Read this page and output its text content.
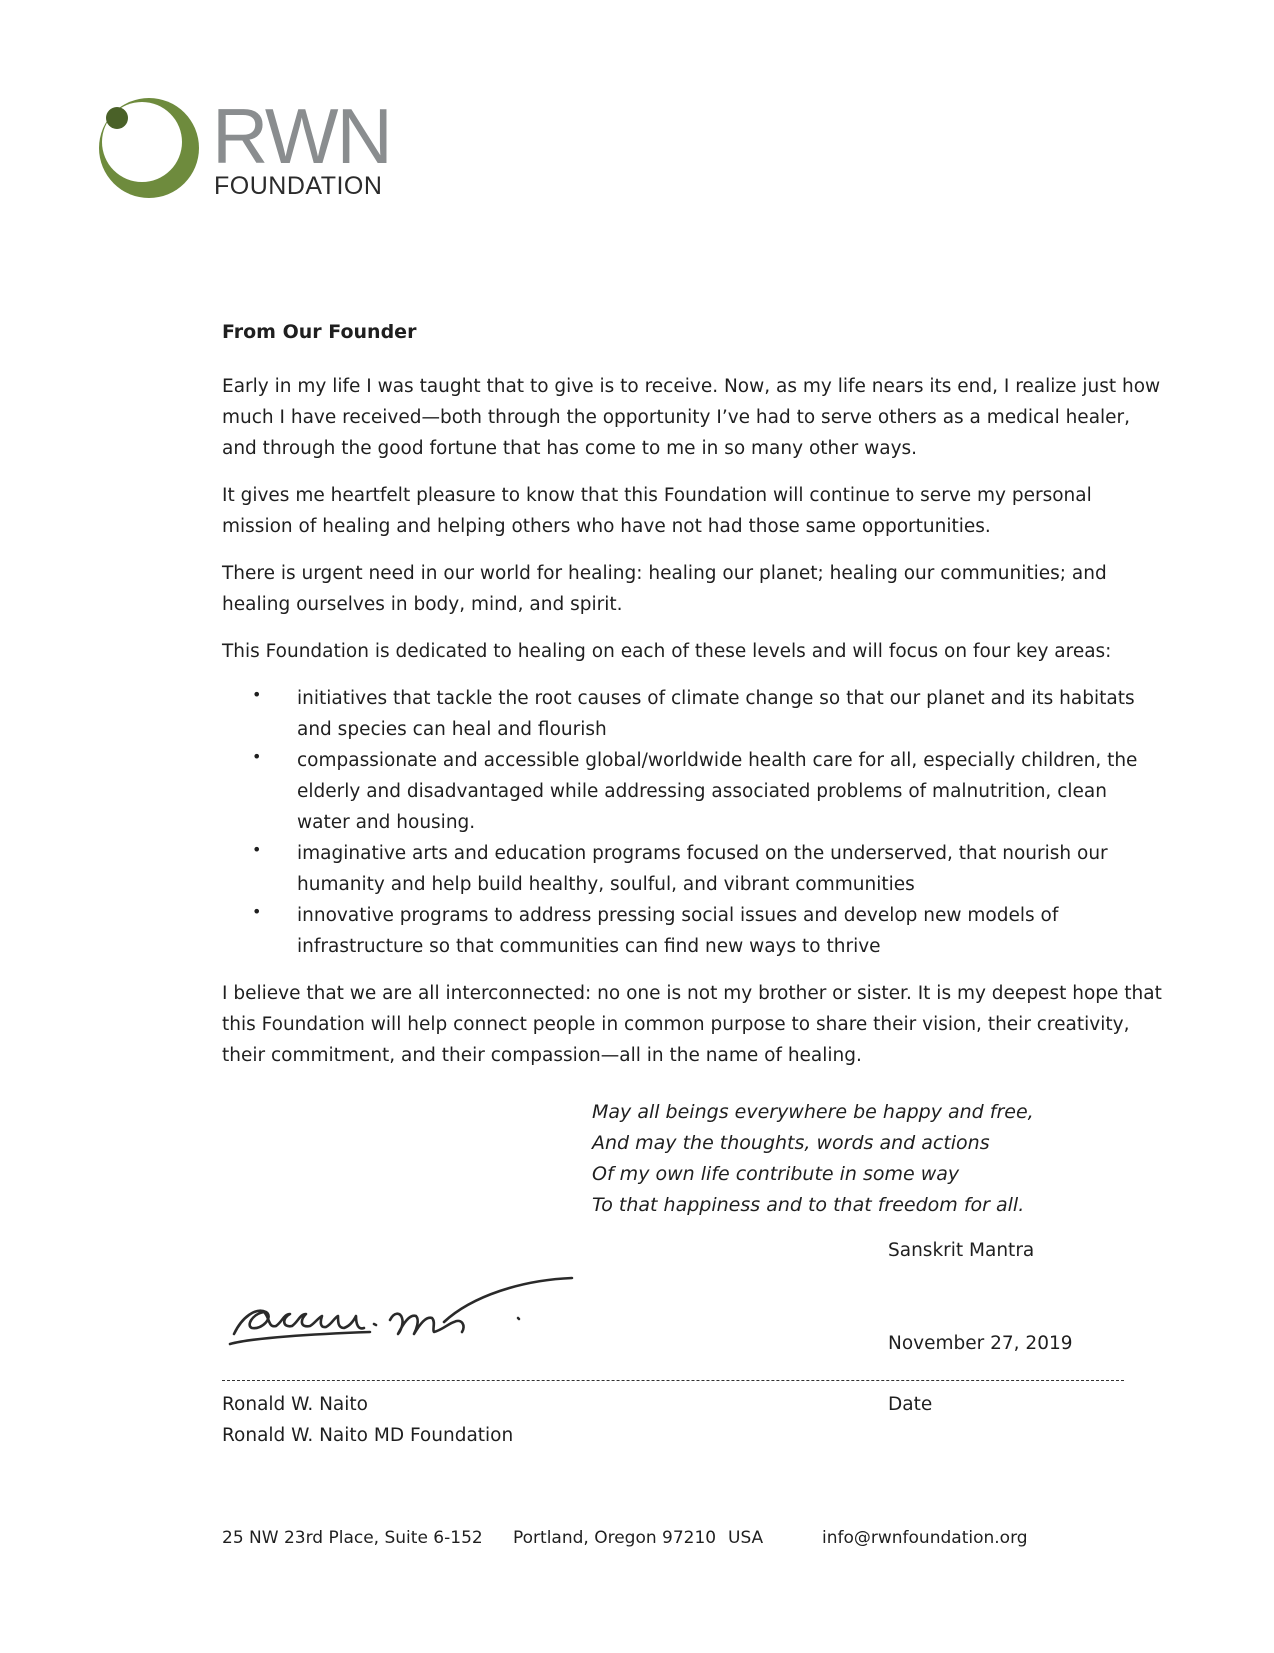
RWN
FOUNDATION
From Our Founder

Early in my life I was taught that to give is to receive. Now, as my life nears its end, I realize just how much I have received—both through the opportunity I’ve had to serve others as a medical healer, and through the good fortune that has come to me in so many other ways.

It gives me heartfelt pleasure to know that this Foundation will continue to serve my personal mission of healing and helping others who have not had those same opportunities.

There is urgent need in our world for healing: healing our planet; healing our communities; and healing ourselves in body, mind, and spirit.

This Foundation is dedicated to healing on each of these levels and will focus on four key areas:

• initiatives that tackle the root causes of climate change so that our planet and its habitats and species can heal and flourish
• compassionate and accessible global/worldwide health care for all, especially children, the elderly and disadvantaged while addressing associated problems of malnutrition, clean water and housing.
• imaginative arts and education programs focused on the underserved, that nourish our humanity and help build healthy, soulful, and vibrant communities
• innovative programs to address pressing social issues and develop new models of infrastructure so that communities can find new ways to thrive

I believe that we are all interconnected: no one is not my brother or sister. It is my deepest hope that this Foundation will help connect people in common purpose to share their vision, their creativity, their commitment, and their compassion—all in the name of healing.

May all beings everywhere be happy and free,
And may the thoughts, words and actions
Of my own life contribute in some way
To that happiness and to that freedom for all.
Sanskrit Mantra
November 27, 2019
Ronald W. Naito
Ronald W. Naito MD Foundation
Date
25 NW 23rd Place, Suite 6-152 Portland, Oregon 97210 USA	info@rwnfoundation.org
